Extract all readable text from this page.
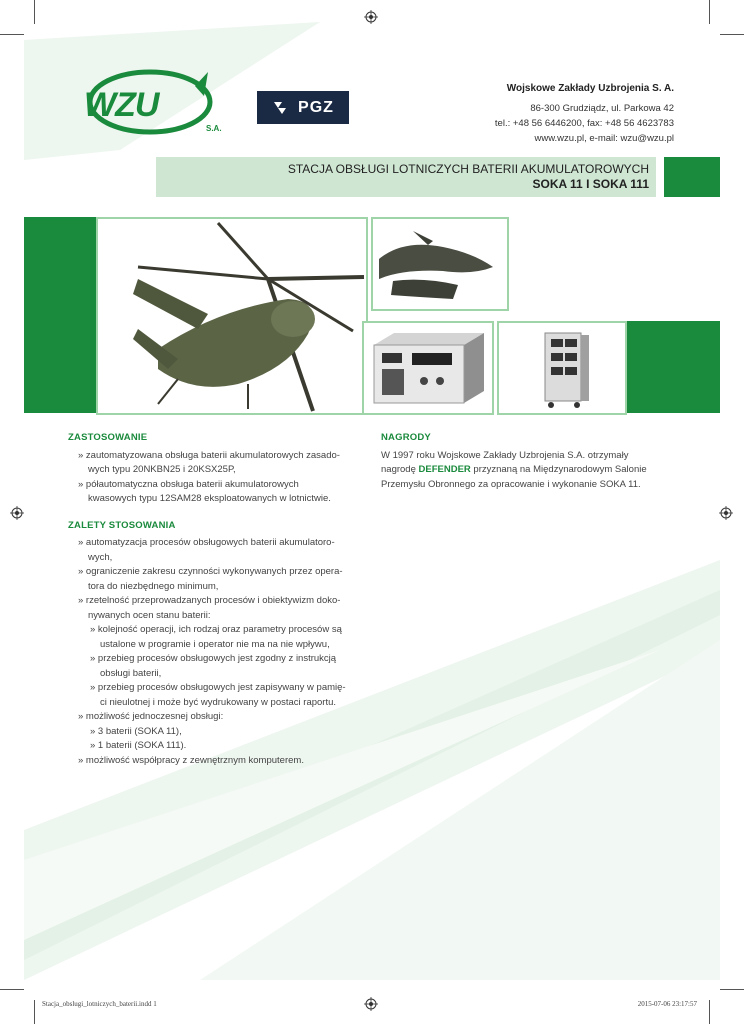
WZU
S.A.
PGZ
Wojskowe Zakłady Uzbrojenia S. A.
86-300 Grudziądz, ul. Parkowa 42
tel.: +48 56 6446200, fax: +48 56 4623783
www.wzu.pl, e-mail: wzu@wzu.pl
STACJA OBSŁUGI LOTNICZYCH BATERII AKUMULATOROWYCH
SOKA 11 I SOKA 111
ZASTOSOWANIE
» zautomatyzowana obsługa baterii akumulatorowych zasado-
wych typu 20NKBN25 i 20KSX25P,
» półautomatyczna obsługa baterii akumulatorowych
kwasowych typu 12SAM28 eksploatowanych w lotnictwie.
ZALETY STOSOWANIA
» automatyzacja procesów obsługowych baterii akumulatoro-
wych,
» ograniczenie zakresu czynności wykonywanych przez opera-
tora do niezbędnego minimum,
» rzetelność przeprowadzanych procesów i obiektywizm doko-
nywanych ocen stanu baterii:
» kolejność operacji, ich rodzaj oraz parametry procesów są
ustalone w programie i operator nie ma na nie wpływu,
» przebieg procesów obsługowych jest zgodny z instrukcją
obsługi baterii,
» przebieg procesów obsługowych jest zapisywany w pamię-
ci nieulotnej i może być wydrukowany w postaci raportu.
» możliwość jednoczesnej obsługi:
» 3 baterii (SOKA 11),
» 1 baterii (SOKA 111).
» możliwość współpracy z zewnętrznym komputerem.
NAGRODY
W 1997 roku Wojskowe Zakłady Uzbrojenia S.A. otrzymały
nagrodę DEFENDER przyznaną na Międzynarodowym Salonie
Przemysłu Obronnego za opracowanie i wykonanie SOKA 11.
Stacja_obslugi_lotniczych_baterii.indd 1	2015-07-06 23:17:57
